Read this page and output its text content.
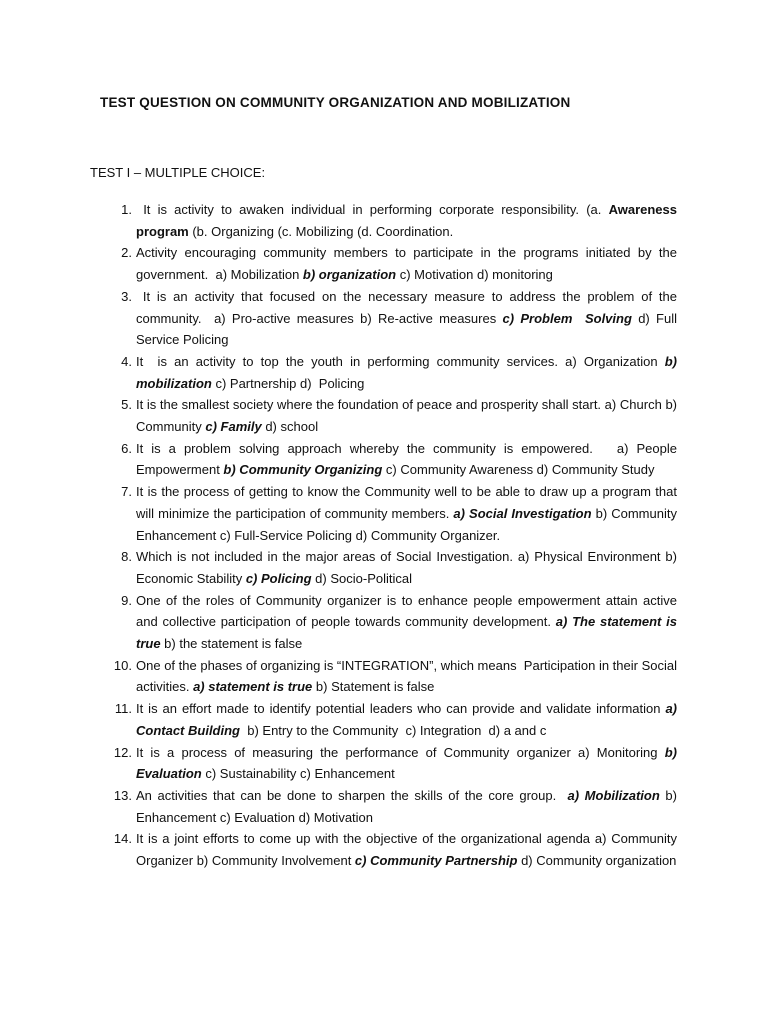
TEST QUESTION ON COMMUNITY ORGANIZATION AND MOBILIZATION

TEST I – MULTIPLE CHOICE:

1. It is activity to awaken individual in performing corporate responsibility. (a. Awareness program (b. Organizing (c. Mobilizing (d. Coordination.
2. Activity encouraging community members to participate in the programs initiated by the government.  a) Mobilization b) organization c) Motivation d) monitoring
3. It is an activity that focused on the necessary measure to address the problem of the community.  a) Pro-active measures b) Re-active measures c) Problem  Solving d) Full Service Policing
4. It  is an activity to top the youth in performing community services. a) Organization b) mobilization c) Partnership d)  Policing
5. It is the smallest society where the foundation of peace and prosperity shall start. a) Church b) Community c) Family d) school
6. It is a problem solving approach whereby the community is empowered.   a) People Empowerment b) Community Organizing c) Community Awareness d) Community Study
7. It is the process of getting to know the Community well to be able to draw up a program that will minimize the participation of community members. a) Social Investigation b) Community Enhancement c) Full-Service Policing d) Community Organizer.
8. Which is not included in the major areas of Social Investigation. a) Physical Environment b) Economic Stability c) Policing d) Socio-Political
9. One of the roles of Community organizer is to enhance people empowerment attain active and collective participation of people towards community development. a) The statement is true b) the statement is false
10. One of the phases of organizing is “INTEGRATION”, which means  Participation in their Social activities. a) statement is true b) Statement is false
11. It is an effort made to identify potential leaders who can provide and validate information a) Contact Building  b) Entry to the Community  c) Integration  d) a and c
12. It is a process of measuring the performance of Community organizer a) Monitoring b) Evaluation c) Sustainability c) Enhancement
13. An activities that can be done to sharpen the skills of the core group.  a) Mobilization b) Enhancement c) Evaluation d) Motivation
14. It is a joint efforts to come up with the objective of the organizational agenda a) Community Organizer b) Community Involvement c) Community Partnership d) Community organization
